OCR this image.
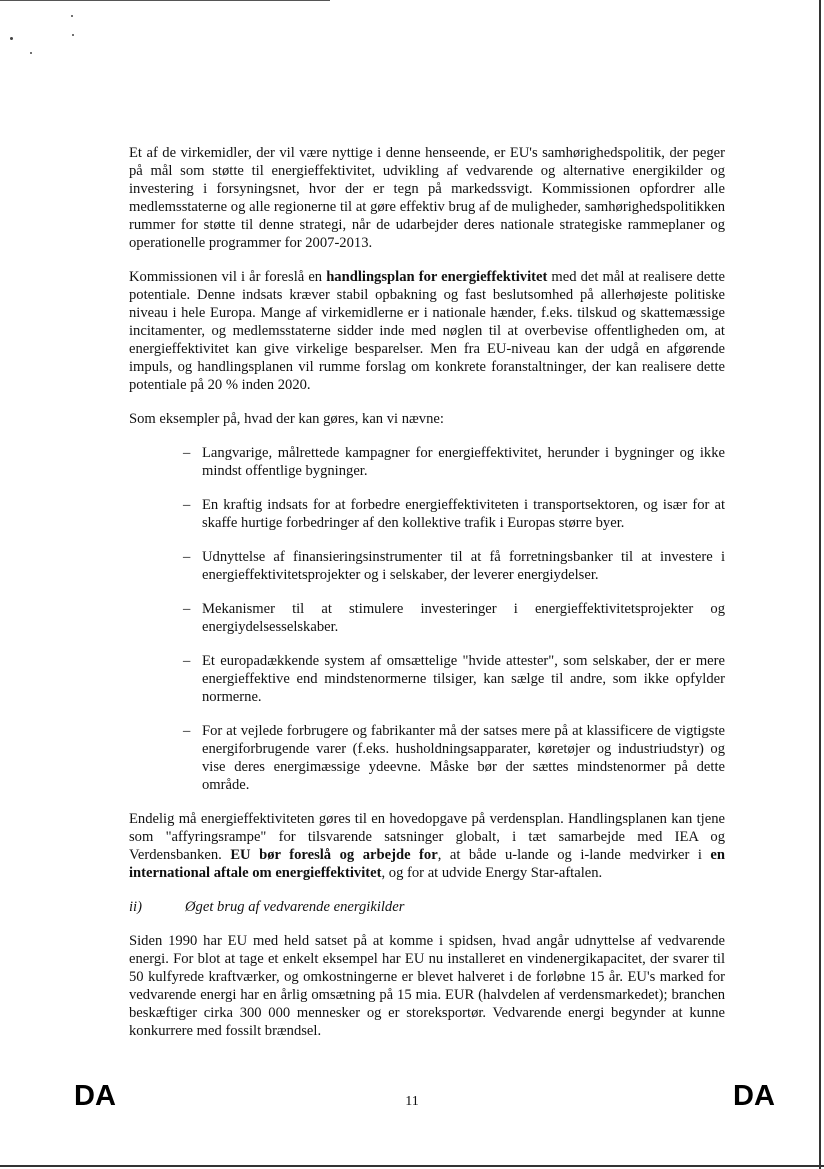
Et af de virkemidler, der vil være nyttige i denne henseende, er EU's samhørighedspolitik, der peger på mål som støtte til energieffektivitet, udvikling af vedvarende og alternative energikilder og investering i forsyningsnet, hvor der er tegn på markedssvigt. Kommissionen opfordrer alle medlemsstaterne og alle regionerne til at gøre effektiv brug af de muligheder, samhørighedspolitikken rummer for støtte til denne strategi, når de udarbejder deres nationale strategiske rammeplaner og operationelle programmer for 2007-2013.

Kommissionen vil i år foreslå en handlingsplan for energieffektivitet med det mål at realisere dette potentiale. Denne indsats kræver stabil opbakning og fast beslutsomhed på allerhøjeste politiske niveau i hele Europa. Mange af virkemidlerne er i nationale hænder, f.eks. tilskud og skattemæssige incitamenter, og medlemsstaterne sidder inde med nøglen til at overbevise offentligheden om, at energieffektivitet kan give virkelige besparelser. Men fra EU-niveau kan der udgå en afgørende impuls, og handlingsplanen vil rumme forslag om konkrete foranstaltninger, der kan realisere dette potentiale på 20 % inden 2020.

Som eksempler på, hvad der kan gøres, kan vi nævne:

– Langvarige, målrettede kampagner for energieffektivitet, herunder i bygninger og ikke mindst offentlige bygninger.
– En kraftig indsats for at forbedre energieffektiviteten i transportsektoren, og især for at skaffe hurtige forbedringer af den kollektive trafik i Europas større byer.
– Udnyttelse af finansieringsinstrumenter til at få forretningsbanker til at investere i energieffektivitetsprojekter og i selskaber, der leverer energiydelser.
– Mekanismer til at stimulere investeringer i energieffektivitetsprojekter og energiydelsesselskaber.
– Et europadækkende system af omsættelige "hvide attester", som selskaber, der er mere energieffektive end mindstenormerne tilsiger, kan sælge til andre, som ikke opfylder normerne.
– For at vejlede forbrugere og fabrikanter må der satses mere på at klassificere de vigtigste energiforbrugende varer (f.eks. husholdningsapparater, køretøjer og industriudstyr) og vise deres energimæssige ydeevne. Måske bør der sættes mindstenormer på dette område.

Endelig må energieffektiviteten gøres til en hovedopgave på verdensplan. Handlingsplanen kan tjene som "affyringsrampe" for tilsvarende satsninger globalt, i tæt samarbejde med IEA og Verdensbanken. EU bør foreslå og arbejde for, at både u-lande og i-lande medvirker i en international aftale om energieffektivitet, og for at udvide Energy Star-aftalen.

ii)	Øget brug af vedvarende energikilder

Siden 1990 har EU med held satset på at komme i spidsen, hvad angår udnyttelse af vedvarende energi. For blot at tage et enkelt eksempel har EU nu installeret en vindenergikapacitet, der svarer til 50 kulfyrede kraftværker, og omkostningerne er blevet halveret i de forløbne 15 år. EU's marked for vedvarende energi har en årlig omsætning på 15 mia. EUR (halvdelen af verdensmarkedet); branchen beskæftiger cirka 300 000 mennesker og er storeksportør. Vedvarende energi begynder at kunne konkurrere med fossilt brændsel.

DA	11	DA
